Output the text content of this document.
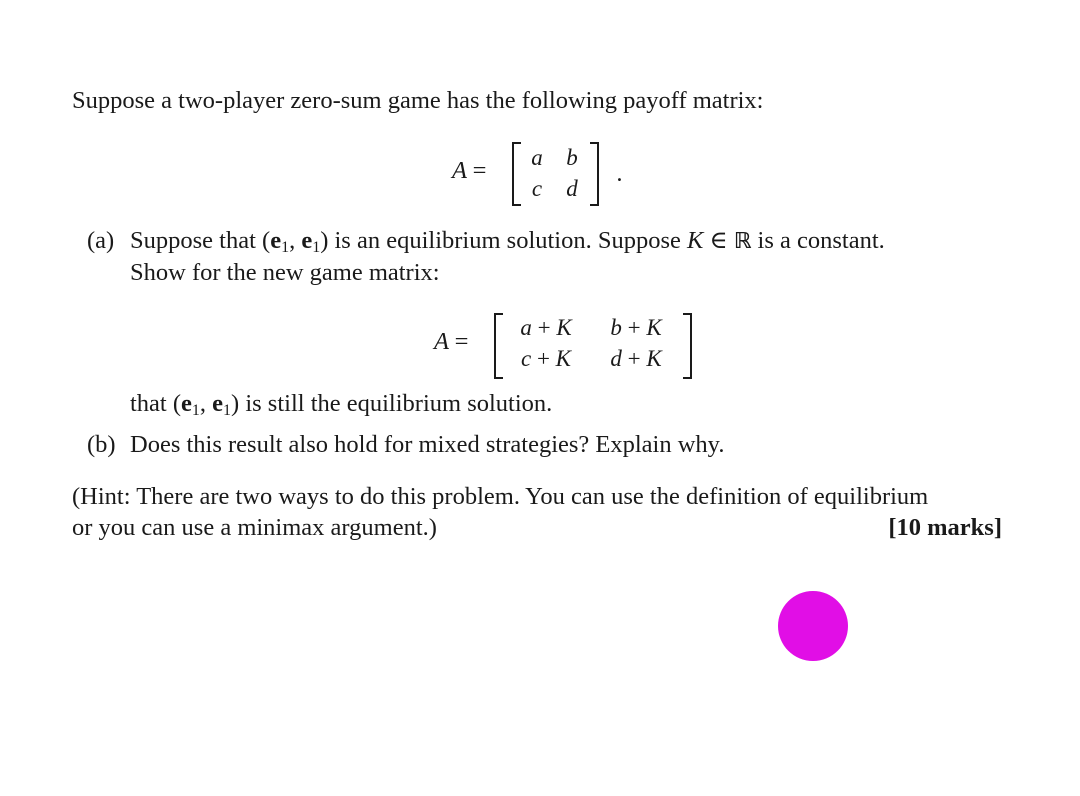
Suppose a two-player zero-sum game has the following payoff matrix:
A = a b
c d
.
(a) Suppose that ($e_1$, $e_1$) is an equilibrium solution. Suppose K ∈ ℝ is a constant.
Show for the new game matrix:
A =
a + K	b + K
c + K	d + K
that ($e_1$, $e_1$) is still the equilibrium solution.
(b) Does this result also hold for mixed strategies? Explain why.
(Hint: There are two ways to do this problem. You can use the definition of equilibrium
or you can use a minimax argument.)	[10 marks]
